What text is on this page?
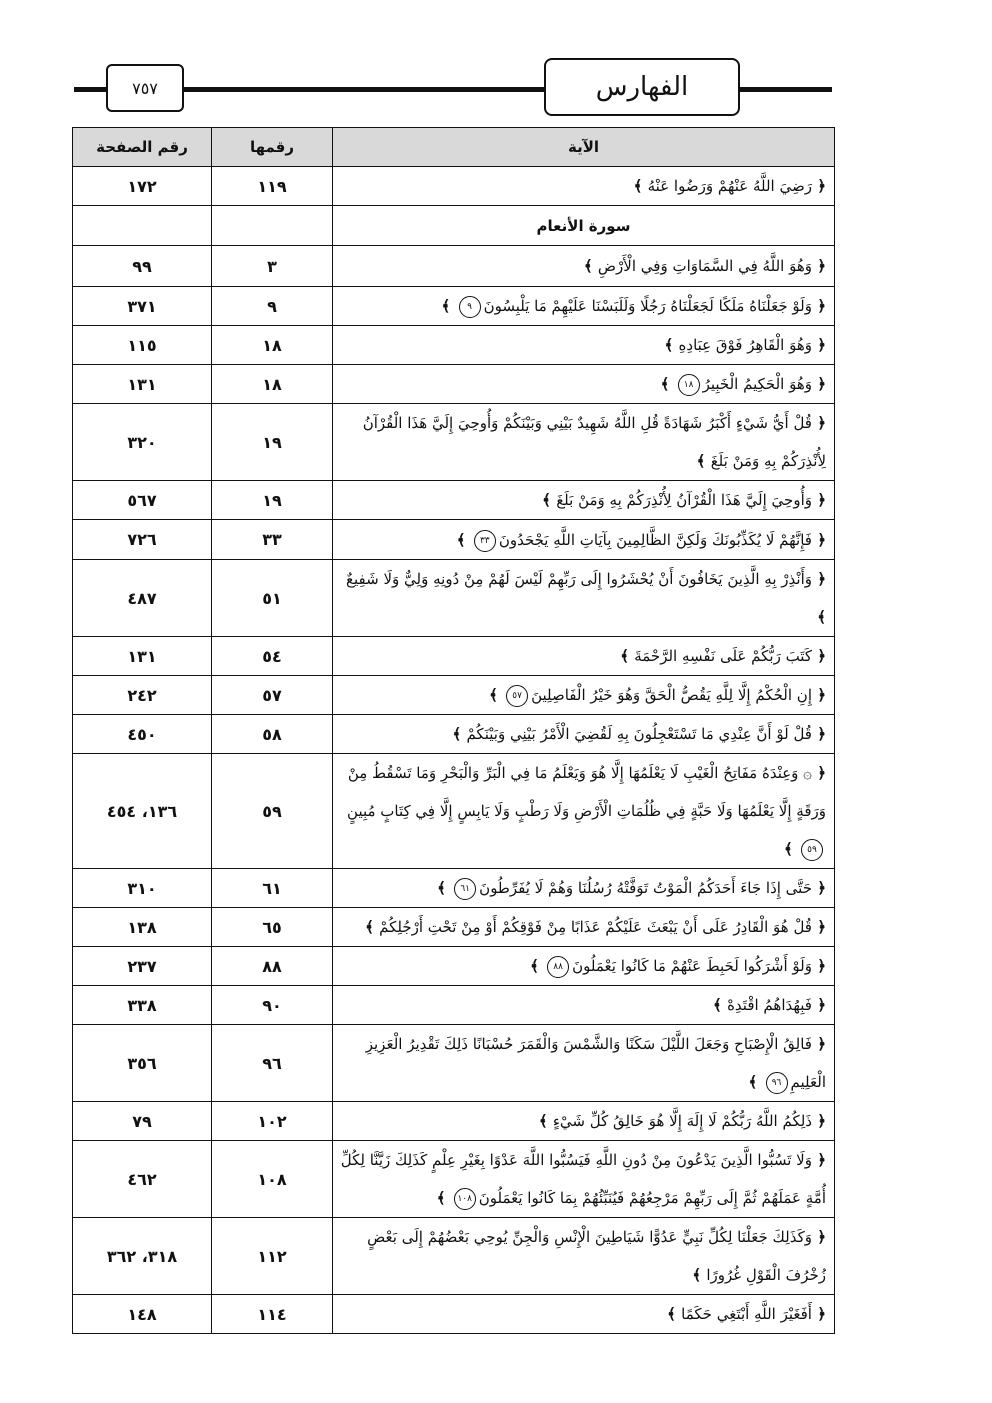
٧٥٧	الفهارس
الآية	رقمها	رقم الصفحة
﴿ رَضِيَ اللَّهُ عَنْهُمْ وَرَضُوا عَنْهُ ﴾	١١٩	١٧٢
سورة الأنعام		
﴿ وَهُوَ اللَّهُ فِي السَّمَاوَاتِ وَفِي الْأَرْضِ ﴾	٣	٩٩
﴿ وَلَوْ جَعَلْنَاهُ مَلَكًا لَجَعَلْنَاهُ رَجُلًا وَلَلَبَسْنَا عَلَيْهِمْ مَا يَلْبِسُونَ٩ ﴾	٩	٣٧١
﴿ وَهُوَ الْقَاهِرُ فَوْقَ عِبَادِهِ ﴾	١٨	١١٥
﴿ وَهُوَ الْحَكِيمُ الْخَبِيرُ١٨ ﴾	١٨	١٣١
﴿ قُلْ أَيُّ شَيْءٍ أَكْبَرُ شَهَادَةً قُلِ اللَّهُ شَهِيدٌ بَيْنِي وَبَيْنَكُمْ وَأُوحِيَ إِلَيَّ هَذَا الْقُرْآنُ لِأُنْذِرَكُمْ بِهِ وَمَنْ بَلَغَ ﴾	١٩	٣٢٠
﴿ وَأُوحِيَ إِلَيَّ هَذَا الْقُرْآنُ لِأُنْذِرَكُمْ بِهِ وَمَنْ بَلَغَ ﴾	١٩	٥٦٧
﴿ فَإِنَّهُمْ لَا يُكَذِّبُونَكَ وَلَكِنَّ الظَّالِمِينَ بِآيَاتِ اللَّهِ يَجْحَدُونَ٣٣ ﴾	٣٣	٧٢٦
﴿ وَأَنْذِرْ بِهِ الَّذِينَ يَخَافُونَ أَنْ يُحْشَرُوا إِلَى رَبِّهِمْ لَيْسَ لَهُمْ مِنْ دُونِهِ وَلِيٌّ وَلَا شَفِيعٌ ﴾	٥١	٤٨٧
﴿ كَتَبَ رَبُّكُمْ عَلَى نَفْسِهِ الرَّحْمَةَ ﴾	٥٤	١٣١
﴿ إِنِ الْحُكْمُ إِلَّا لِلَّهِ يَقُصُّ الْحَقَّ وَهُوَ خَيْرُ الْفَاصِلِينَ٥٧ ﴾	٥٧	٢٤٢
﴿ قُلْ لَوْ أَنَّ عِنْدِي مَا تَسْتَعْجِلُونَ بِهِ لَقُضِيَ الْأَمْرُ بَيْنِي وَبَيْنَكُمْ ﴾	٥٨	٤٥٠
﴿ ۞ وَعِنْدَهُ مَفَاتِحُ الْغَيْبِ لَا يَعْلَمُهَا إِلَّا هُوَ وَيَعْلَمُ مَا فِي الْبَرِّ وَالْبَحْرِ وَمَا تَسْقُطُ مِنْ وَرَقَةٍ إِلَّا يَعْلَمُهَا وَلَا حَبَّةٍ فِي ظُلُمَاتِ الْأَرْضِ وَلَا رَطْبٍ وَلَا يَابِسٍ إِلَّا فِي كِتَابٍ مُبِينٍ٥٩ ﴾	٥٩	١٣٦، ٤٥٤
﴿ حَتَّى إِذَا جَاءَ أَحَدَكُمُ الْمَوْتُ تَوَفَّتْهُ رُسُلُنَا وَهُمْ لَا يُفَرِّطُونَ٦١ ﴾	٦١	٣١٠
﴿ قُلْ هُوَ الْقَادِرُ عَلَى أَنْ يَبْعَثَ عَلَيْكُمْ عَذَابًا مِنْ فَوْقِكُمْ أَوْ مِنْ تَحْتِ أَرْجُلِكُمْ ﴾	٦٥	١٣٨
﴿ وَلَوْ أَشْرَكُوا لَحَبِطَ عَنْهُمْ مَا كَانُوا يَعْمَلُونَ٨٨ ﴾	٨٨	٢٣٧
﴿ فَبِهُدَاهُمُ اقْتَدِهْ ﴾	٩٠	٣٣٨
﴿ فَالِقُ الْإِصْبَاحِ وَجَعَلَ اللَّيْلَ سَكَنًا وَالشَّمْسَ وَالْقَمَرَ حُسْبَانًا ذَلِكَ تَقْدِيرُ الْعَزِيزِ الْعَلِيمِ٩٦ ﴾	٩٦	٣٥٦
﴿ ذَلِكُمُ اللَّهُ رَبُّكُمْ لَا إِلَهَ إِلَّا هُوَ خَالِقُ كُلِّ شَيْءٍ ﴾	١٠٢	٧٩
﴿ وَلَا تَسُبُّوا الَّذِينَ يَدْعُونَ مِنْ دُونِ اللَّهِ فَيَسُبُّوا اللَّهَ عَدْوًا بِغَيْرِ عِلْمٍ كَذَلِكَ زَيَّنَّا لِكُلِّ أُمَّةٍ عَمَلَهُمْ ثُمَّ إِلَى رَبِّهِمْ مَرْجِعُهُمْ فَيُنَبِّئُهُمْ بِمَا كَانُوا يَعْمَلُونَ١٠٨ ﴾	١٠٨	٤٦٢
﴿ وَكَذَلِكَ جَعَلْنَا لِكُلِّ نَبِيٍّ عَدُوًّا شَيَاطِينَ الْإِنْسِ وَالْجِنِّ يُوحِي بَعْضُهُمْ إِلَى بَعْضٍ زُخْرُفَ الْقَوْلِ غُرُورًا ﴾	١١٢	٣١٨، ٣٦٢
﴿ أَفَغَيْرَ اللَّهِ أَبْتَغِي حَكَمًا ﴾	١١٤	١٤٨
